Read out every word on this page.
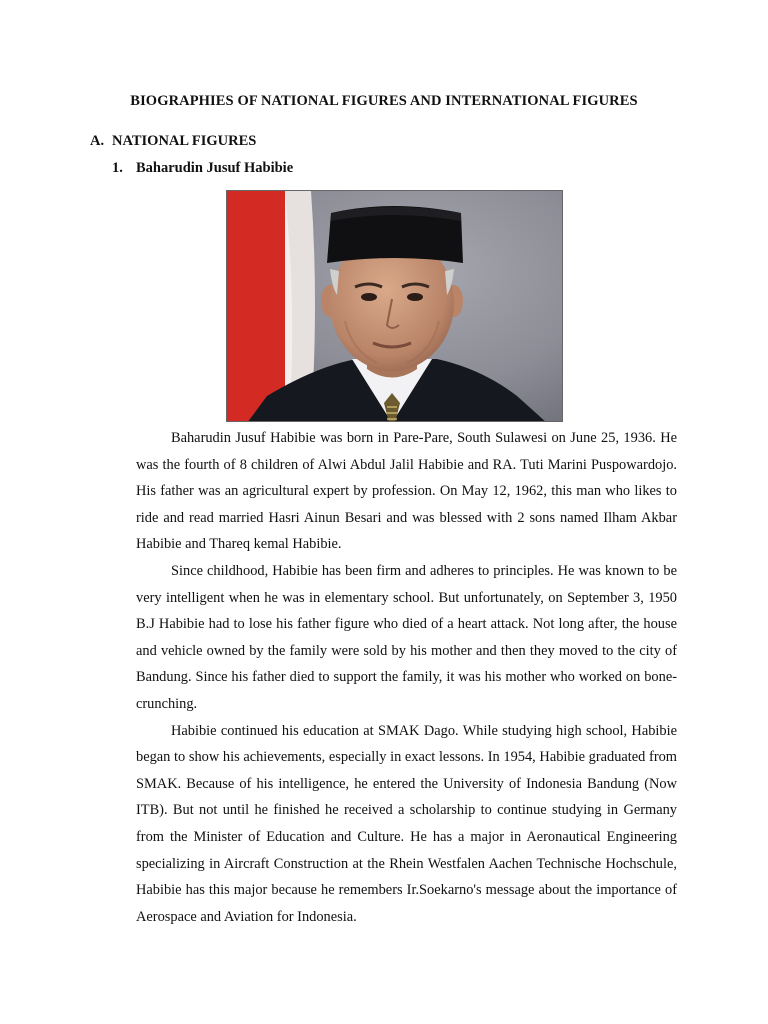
BIOGRAPHIES OF NATIONAL FIGURES AND INTERNATIONAL FIGURES
A. NATIONAL FIGURES
1. Baharudin Jusuf Habibie

Baharudin Jusuf Habibie was born in Pare-Pare, South Sulawesi on June 25, 1936. He was the fourth of 8 children of Alwi Abdul Jalil Habibie and RA. Tuti Marini Puspowardojo. His father was an agricultural expert by profession. On May 12, 1962, this man who likes to ride and read married Hasri Ainun Besari and was blessed with 2 sons named Ilham Akbar Habibie and Thareq kemal Habibie.

Since childhood, Habibie has been firm and adheres to principles. He was known to be very intelligent when he was in elementary school. But unfortunately, on September 3, 1950 B.J Habibie had to lose his father figure who died of a heart attack. Not long after, the house and vehicle owned by the family were sold by his mother and then they moved to the city of Bandung. Since his father died to support the family, it was his mother who worked on bone-crunching.

Habibie continued his education at SMAK Dago. While studying high school, Habibie began to show his achievements, especially in exact lessons. In 1954, Habibie graduated from SMAK. Because of his intelligence, he entered the University of Indonesia Bandung (Now ITB). But not until he finished he received a scholarship to continue studying in Germany from the Minister of Education and Culture. He has a major in Aeronautical Engineering specializing in Aircraft Construction at the Rhein Westfalen Aachen Technische Hochschule, Habibie has this major because he remembers Ir.Soekarno's message about the importance of Aerospace and Aviation for Indonesia.
